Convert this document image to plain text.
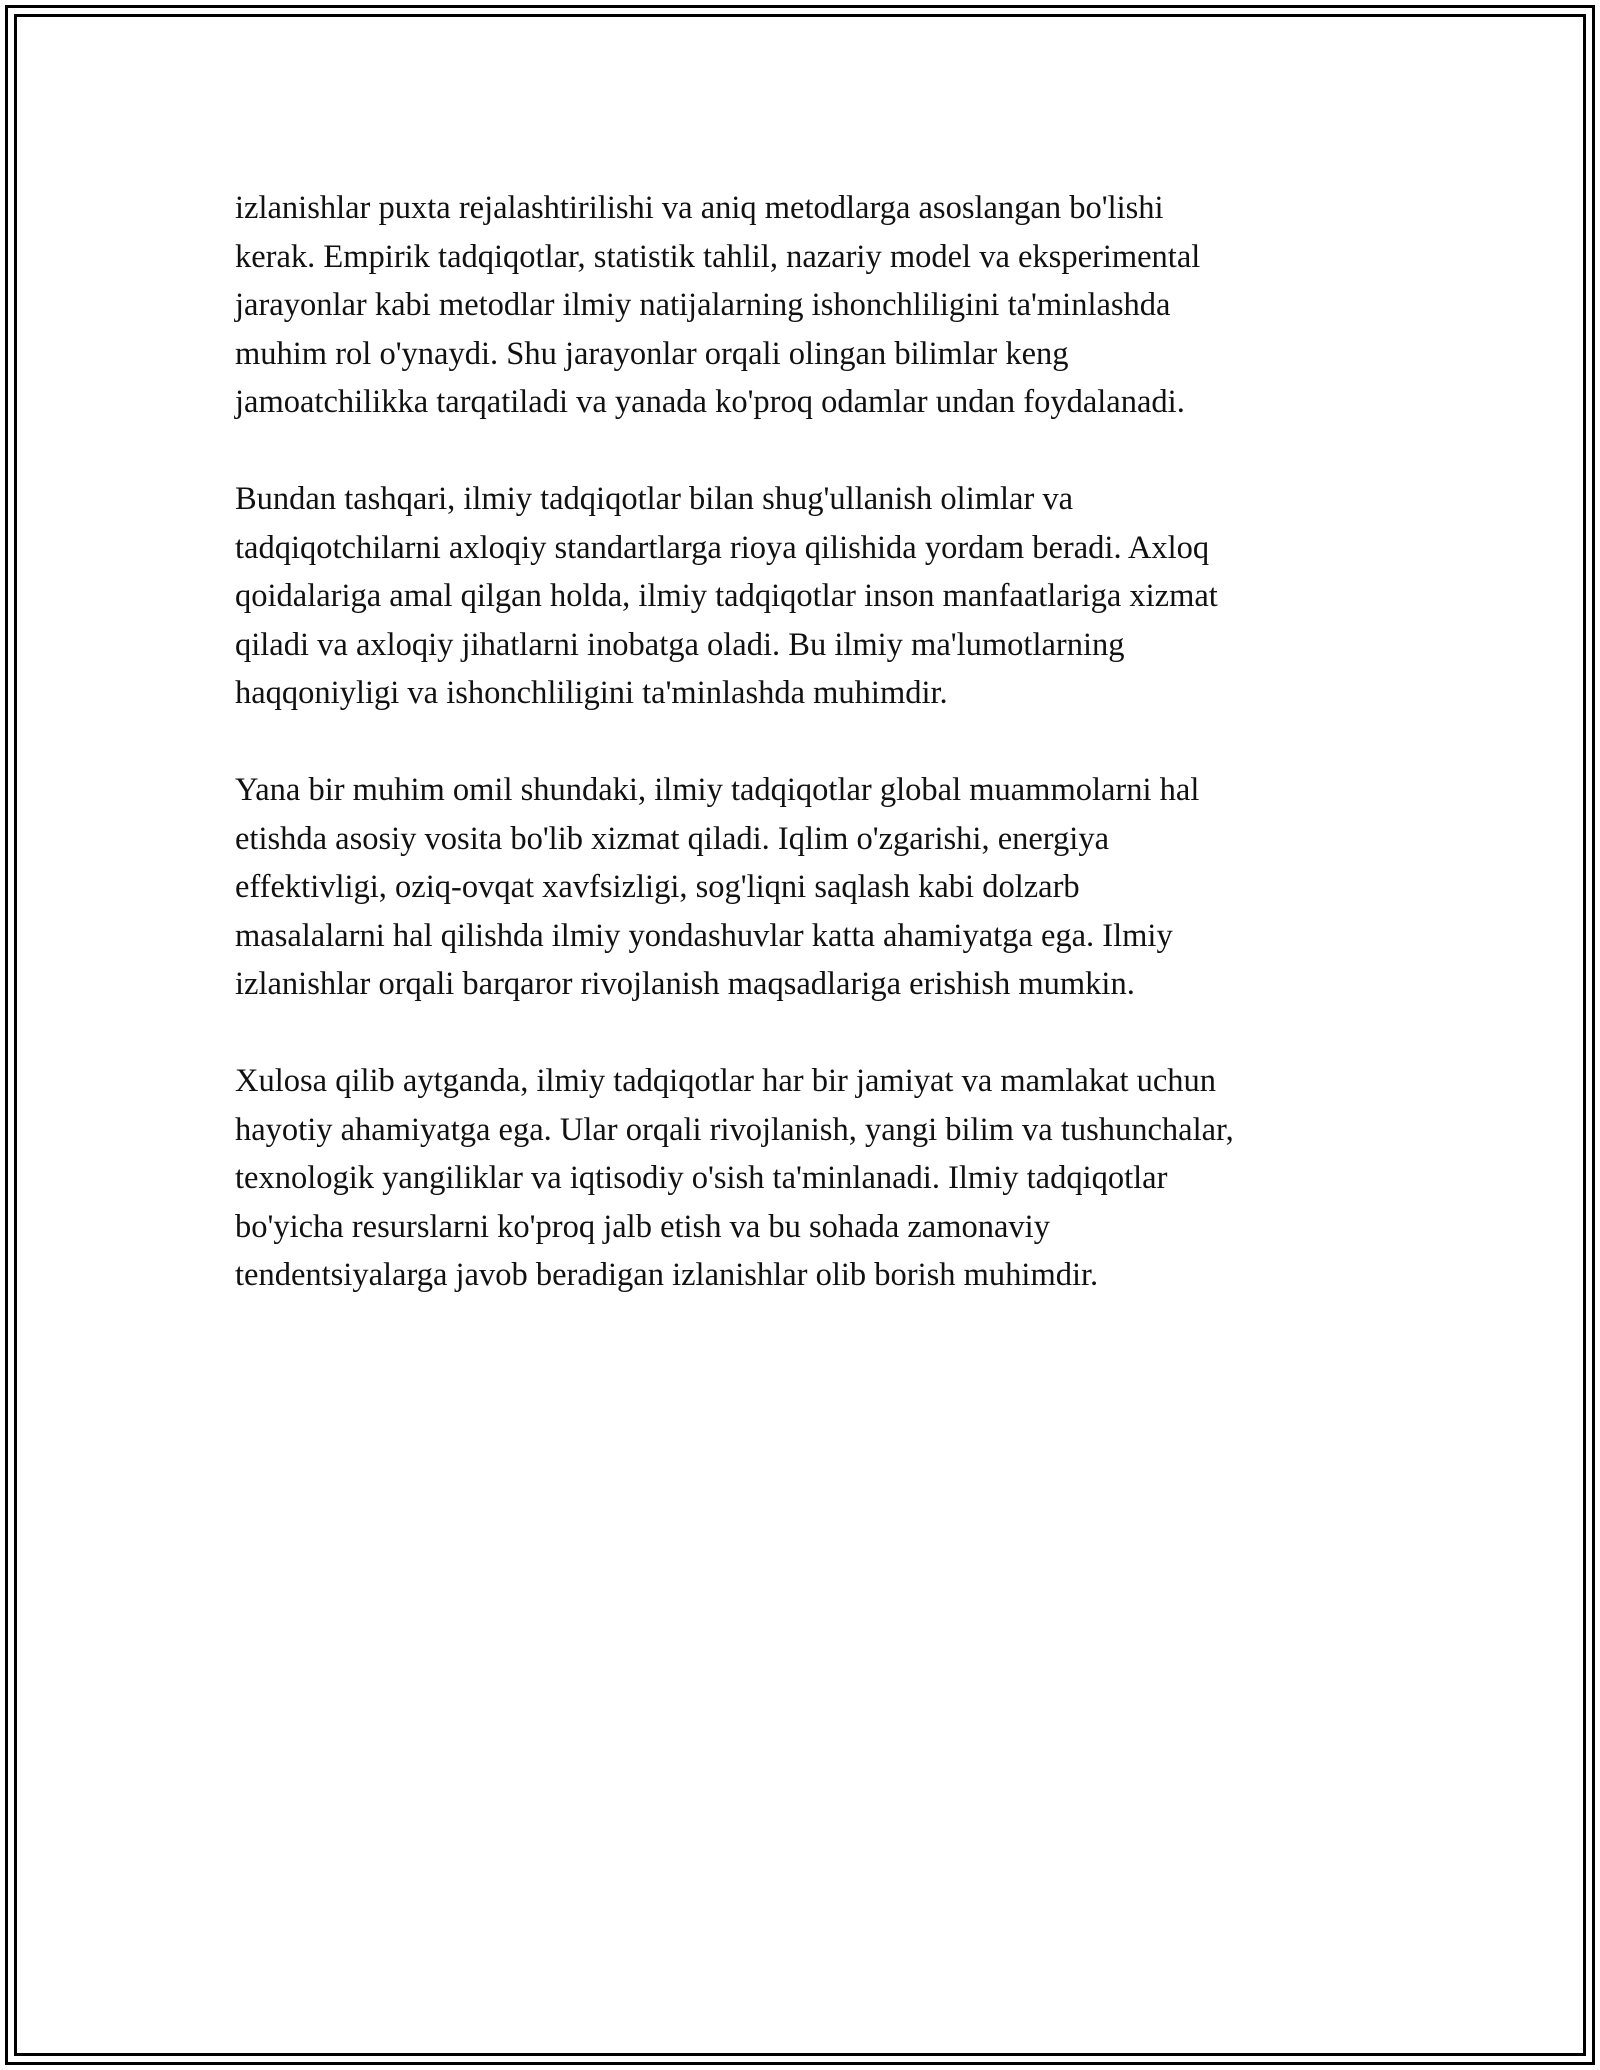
izlanishlar puxta rejalashtirilishi va aniq metodlarga asoslangan bo'lishi
kerak. Empirik tadqiqotlar, statistik tahlil, nazariy model va eksperimental
jarayonlar kabi metodlar ilmiy natijalarning ishonchliligini ta'minlashda
muhim rol o'ynaydi. Shu jarayonlar orqali olingan bilimlar keng
jamoatchilikka tarqatiladi va yanada ko'proq odamlar undan foydalanadi.

Bundan tashqari, ilmiy tadqiqotlar bilan shug'ullanish olimlar va
tadqiqotchilarni axloqiy standartlarga rioya qilishida yordam beradi. Axloq
qoidalariga amal qilgan holda, ilmiy tadqiqotlar inson manfaatlariga xizmat
qiladi va axloqiy jihatlarni inobatga oladi. Bu ilmiy ma'lumotlarning
haqqoniyligi va ishonchliligini ta'minlashda muhimdir.

Yana bir muhim omil shundaki, ilmiy tadqiqotlar global muammolarni hal
etishda asosiy vosita bo'lib xizmat qiladi. Iqlim o'zgarishi, energiya
effektivligi, oziq-ovqat xavfsizligi, sog'liqni saqlash kabi dolzarb
masalalarni hal qilishda ilmiy yondashuvlar katta ahamiyatga ega. Ilmiy
izlanishlar orqali barqaror rivojlanish maqsadlariga erishish mumkin.

Xulosa qilib aytganda, ilmiy tadqiqotlar har bir jamiyat va mamlakat uchun
hayotiy ahamiyatga ega. Ular orqali rivojlanish, yangi bilim va tushunchalar,
texnologik yangiliklar va iqtisodiy o'sish ta'minlanadi. Ilmiy tadqiqotlar
bo'yicha resurslarni ko'proq jalb etish va bu sohada zamonaviy
tendentsiyalarga javob beradigan izlanishlar olib borish muhimdir.
